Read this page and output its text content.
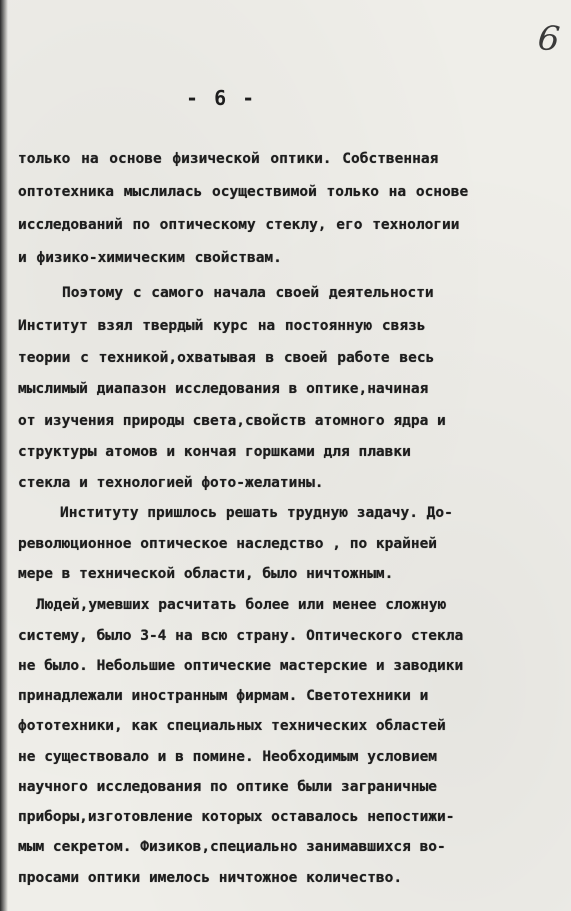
6
- 6 -
только на основе физической оптики. Собственная
оптотехника мыслилась осуществимой только на основе
исследований по оптическому стеклу, его технологии
и физико-химическим свойствам.
Поэтому с самого начала своей деятельности
Институт взял твердый курс на постоянную связь
теории с техникой,охватывая в своей работе весь
мыслимый диапазон исследования в оптике,начиная
от изучения природы света,свойств атомного ядра и
структуры атомов и кончая горшками для плавки
стекла и технологией фото-желатины.
Институту пришлось решать трудную задачу. До-
революционное оптическое наследство , по крайней
мере в технической области, было ничтожным.
Людей,умевших расчитать более или менее сложную
систему, было 3-4 на всю страну. Оптического стекла
не было. Небольшие оптические мастерские и заводики
принадлежали иностранным фирмам. Светотехники и
фототехники, как специальных технических областей
не существовало и в помине. Необходимым условием
научного исследования по оптике были заграничные
приборы,изготовление которых оставалось непостижи-
мым секретом. Физиков,специально занимавшихся во-
просами оптики имелось ничтожное количество.
